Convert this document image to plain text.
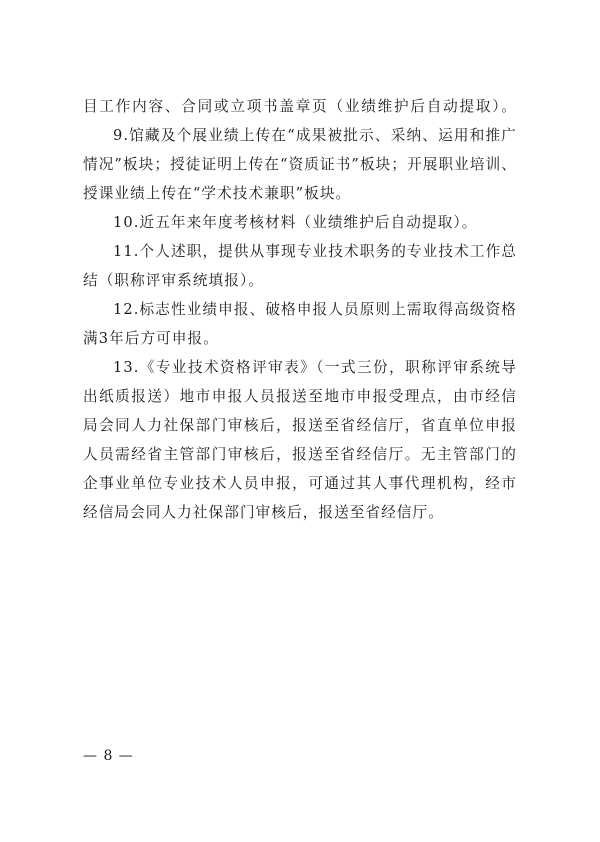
目工作内容、合同或立项书盖章页（业绩维护后自动提取）。
9.馆藏及个展业绩上传在“成果被批示、采纳、运用和推广
情况”板块；授徒证明上传在“资质证书”板块；开展职业培训、
授课业绩上传在“学术技术兼职”板块。
10.近五年来年度考核材料（业绩维护后自动提取）。
11.个人述职，提供从事现专业技术职务的专业技术工作总
结（职称评审系统填报）。
12.标志性业绩申报、破格申报人员原则上需取得高级资格
满3年后方可申报。
13.《专业技术资格评审表》（一式三份，职称评审系统导
出纸质报送）地市申报人员报送至地市申报受理点，由市经信
局会同人力社保部门审核后，报送至省经信厅，省直单位申报
人员需经省主管部门审核后，报送至省经信厅。无主管部门的
企事业单位专业技术人员申报，可通过其人事代理机构，经市
经信局会同人力社保部门审核后，报送至省经信厅。
— 8 —
